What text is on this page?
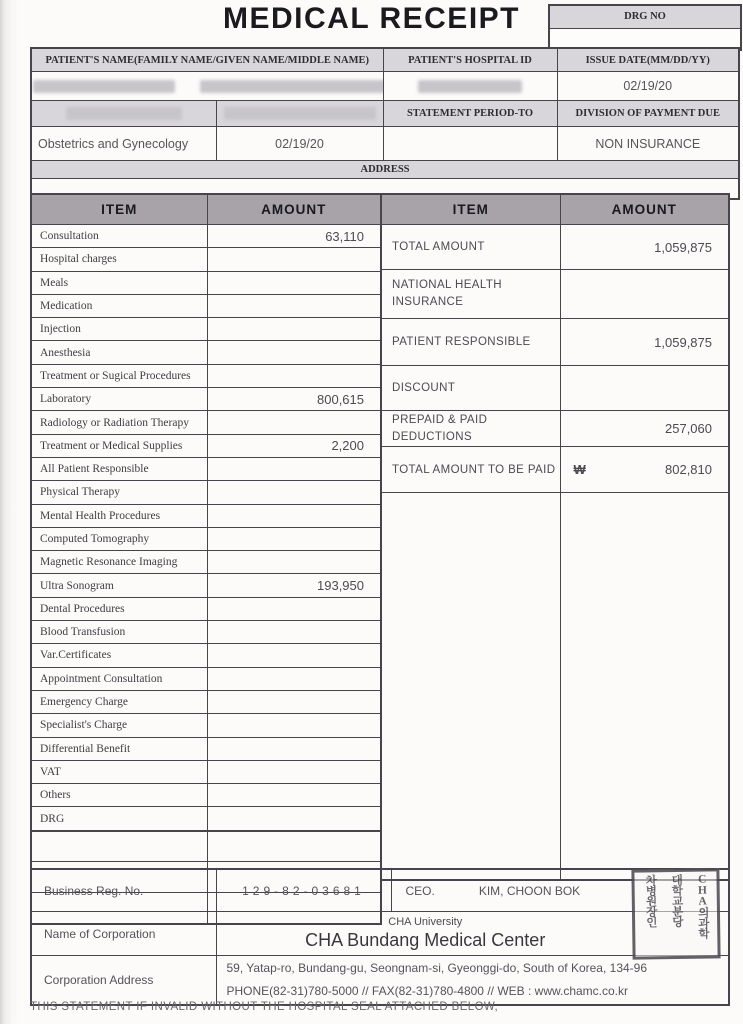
MEDICAL RECEIPT	DRG NO
PATIENT'S NAME(FAMILY NAME/GIVEN NAME/MIDDLE NAME)		PATIENT'S HOSPITAL ID	ISSUE DATE(MM/DD/YY)
			02/19/20
		STATEMENT PERIOD-TO	DIVISION OF PAYMENT DUE
Obstetrics and Gynecology	02/19/20		NON INSURANCE
ADDRESS			

ITEM	AMOUNT
Consultation	63,110
Hospital charges	
Meals	
Medication	
Injection	
Anesthesia	
Treatment or Sugical Procedures	
Laboratory	800,615
Radiology or Radiation Therapy	
Treatment or Medical Supplies	2,200
All Patient Responsible	
Physical Therapy	
Mental Health Procedures	
Computed Tomography	
Magnetic Resonance Imaging	
Ultra Sonogram	193,950
Dental Procedures	
Blood Transfusion	
Var.Certificates	
Appointment Consultation	
Emergency Charge	
Specialist's Charge	
Differential Benefit	
VAT	
Others	
DRG	

ITEM	AMOUNT
TOTAL AMOUNT	1,059,875
NATIONAL HEALTH INSURANCE	
PATIENT RESPONSIBLE	1,059,875
DISCOUNT	
PREPAID & PAID DEDUCTIONS	257,060
TOTAL AMOUNT TO BE PAID	₩ 802,810

Business Reg. No.	129-82-03681	CEO. KIM, CHOON BOK
Name of Corporation	CHA University
CHA Bundang Medical Center	

Corporation Address	59, Yatap-ro, Bundang-gu, Seongnam-si, Gyeonggi-do, South of Korea, 134-96
PHONE(82-31)780-5000 // FAX(82-31)780-4800 // WEB : www.chamc.co.kr	
CHA의과학
대학교분당
차병원장인
THIS STATEMENT IF INVALID WITHOUT THE HOSPITAL SEAL ATTACHED BELOW,
